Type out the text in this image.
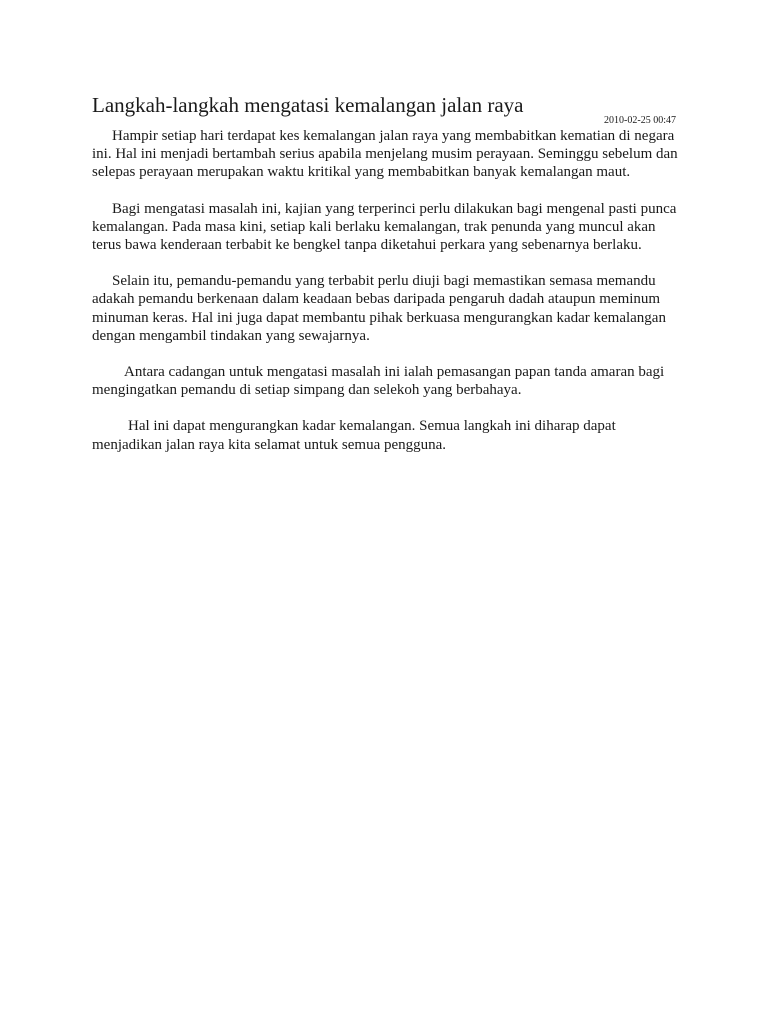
Langkah-langkah mengatasi kemalangan jalan raya
2010-02-25 00:47

Hampir setiap hari terdapat kes kemalangan jalan raya yang membabitkan kematian di negara ini. Hal ini menjadi bertambah serius apabila menjelang musim perayaan. Seminggu sebelum dan selepas perayaan merupakan waktu kritikal yang membabitkan banyak kemalangan maut.

Bagi mengatasi masalah ini, kajian yang terperinci perlu dilakukan bagi mengenal pasti punca kemalangan. Pada masa kini, setiap kali berlaku kemalangan, trak penunda yang muncul akan terus bawa kenderaan terbabit ke bengkel tanpa diketahui perkara yang sebenarnya berlaku.

Selain itu, pemandu-pemandu yang terbabit perlu diuji bagi memastikan semasa memandu adakah pemandu berkenaan dalam keadaan bebas daripada pengaruh dadah ataupun meminum minuman keras. Hal ini juga dapat membantu pihak berkuasa mengurangkan kadar kemalangan dengan mengambil tindakan yang sewajarnya.

Antara cadangan untuk mengatasi masalah ini ialah pemasangan papan tanda amaran bagi mengingatkan pemandu di setiap simpang dan selekoh yang berbahaya.

Hal ini dapat mengurangkan kadar kemalangan. Semua langkah ini diharap dapat menjadikan jalan raya kita selamat untuk semua pengguna.
